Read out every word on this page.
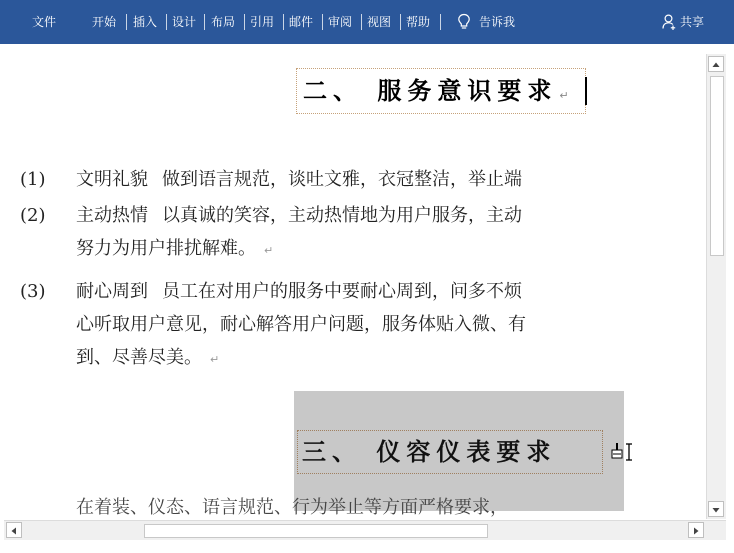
文件	开始 插入 设计 布局 引用 邮件 审阅 视图 帮助	告诉我	共享
二、 服务意识要求 ↵
(1) 文明礼貌 做到语言规范，谈吐文雅，衣冠整洁，举止端
(2) 主动热情 以真诚的笑容，主动热情地为用户服务，主动
努力为用户排扰解难。 ↵
(3) 耐心周到 员工在对用户的服务中要耐心周到，问多不烦
心听取用户意见，耐心解答用户问题，服务体贴入微、有
到、尽善尽美。 ↵
三、 仪容仪表要求
在着装、仪态、语言规范、行为举止等方面严格要求，
